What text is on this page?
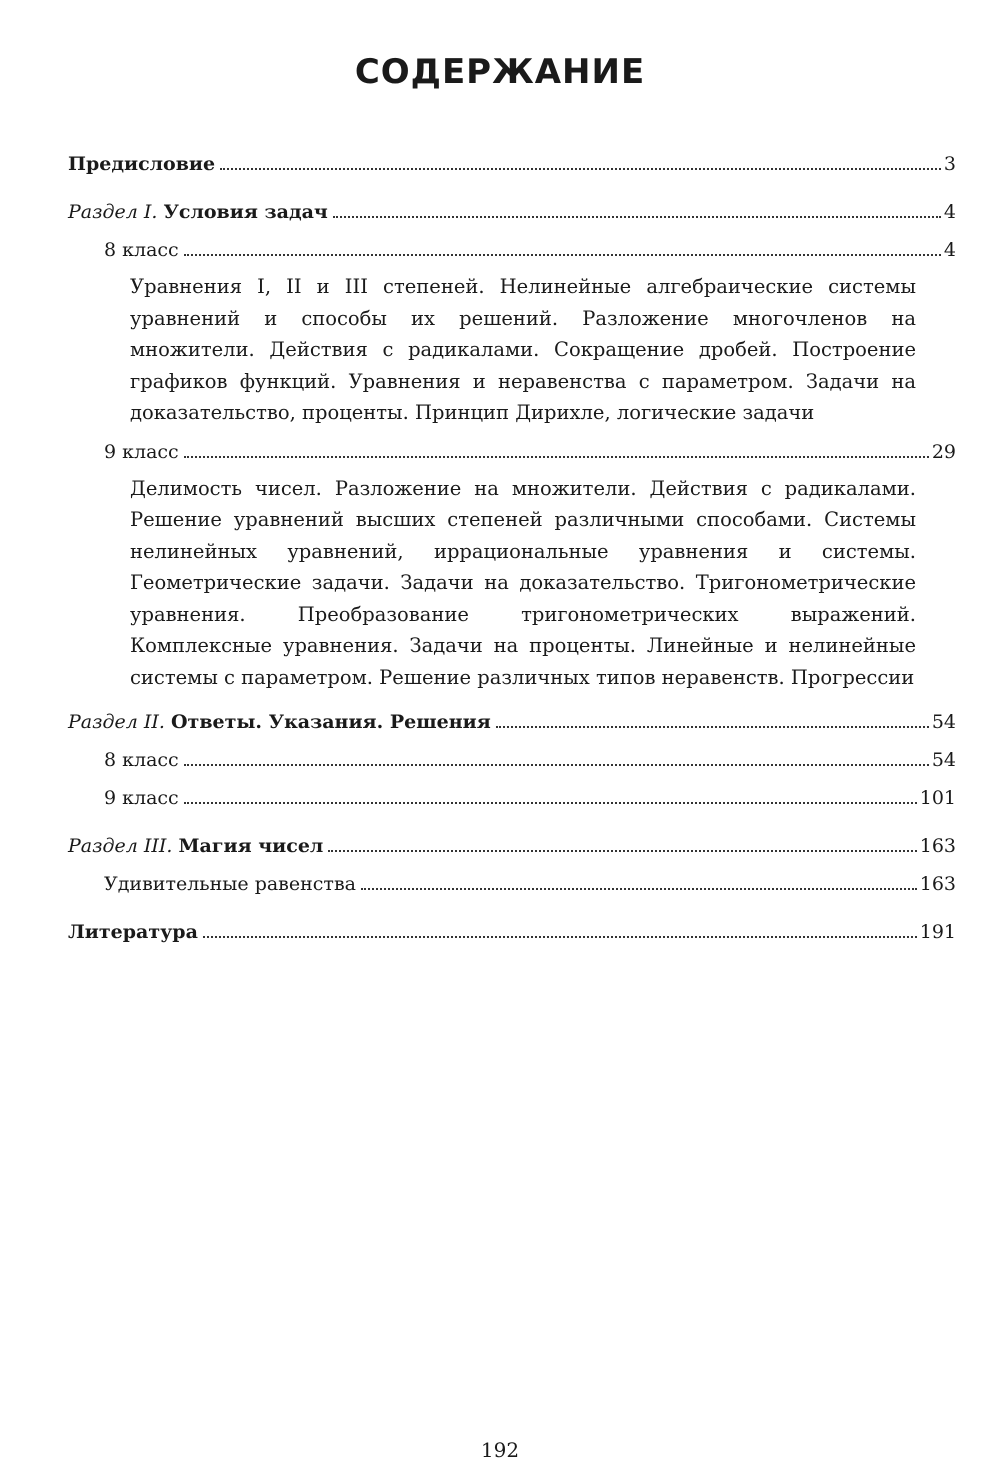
СОДЕРЖАНИЕ
Предисловие	3
Раздел I. Условия задач	4
8 класс	4
Уравнения I, II и III степеней. Нелинейные алгебраические системы уравнений и способы их решений. Разложение многочленов на множители. Действия с радикалами. Сокращение дробей. Построение графиков функций. Уравнения и неравенства с параметром. Задачи на доказательство, проценты. Принцип Дирихле, логические задачи
9 класс	29
Делимость чисел. Разложение на множители. Действия с радикалами. Решение уравнений высших степеней различными способами. Системы нелинейных уравнений, иррациональные уравнения и системы. Геометрические задачи. Задачи на доказательство. Тригонометрические уравнения. Преобразование тригонометрических выражений. Комплексные уравнения. Задачи на проценты. Линейные и нелинейные системы с параметром. Решение различных типов неравенств. Прогрессии
Раздел II. Ответы. Указания. Решения	54
8 класс	54
9 класс	101
Раздел III. Магия чисел	163
Удивительные равенства	163
Литература	191
192
